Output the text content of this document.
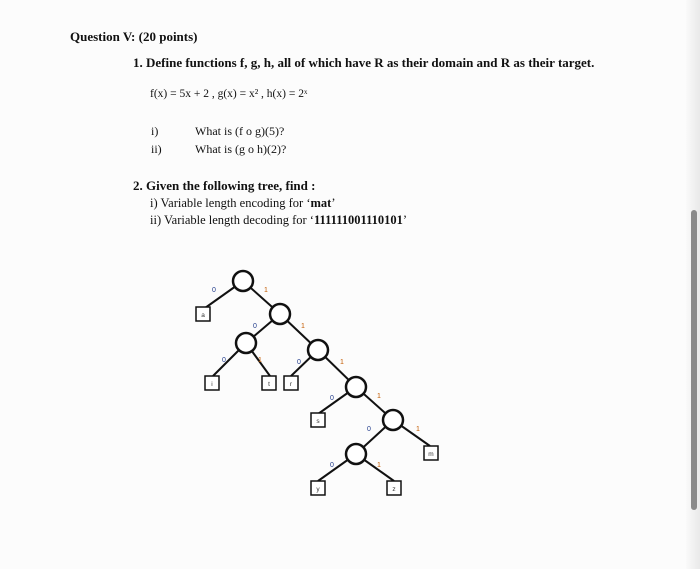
Question V: (20 points)
1. Define functions f, g, h, all of which have R as their domain and R as their target.
f(x) = 5x + 2 , g(x) = x² , h(x) = 2ˣ
i)	What is (f o g)(5)?
ii)	What is (g o h)(2)?
2. Given the following tree, find :
i) Variable length encoding for ‘mat’
ii) Variable length decoding for ‘111111001110101’
a
i	t	r
s
y	z
m
0
0
0	0
0
0
0
1
1
1	1
1
1
1
